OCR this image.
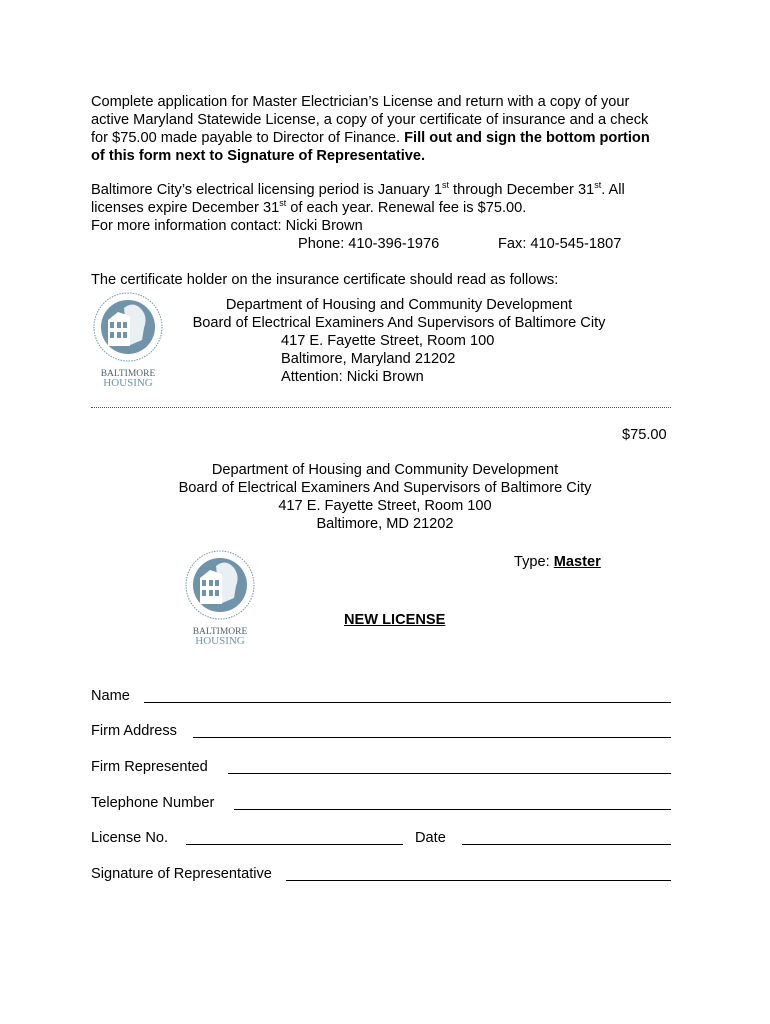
Complete application for Master Electrician’s License and return with a copy of your
active Maryland Statewide License, a copy of your certificate of insurance and a check
for $75.00 made payable to Director of Finance. Fill out and sign the bottom portion
of this form next to Signature of Representative.
Baltimore City’s electrical licensing period is January 1st through December 31st. All
licenses expire December 31st of each year. Renewal fee is $75.00.
For more information contact: Nicki Brown
Phone: 410-396-1976	Fax: 410-545-1807
The certificate holder on the insurance certificate should read as follows:
BALTIMORE
HOUSING
Department of Housing and Community Development
Board of Electrical Examiners And Supervisors of Baltimore City
417 E. Fayette Street, Room 100
Baltimore, Maryland 21202
Attention: Nicki Brown
$75.00
Department of Housing and Community Development
Board of Electrical Examiners And Supervisors of Baltimore City
417 E. Fayette Street, Room 100
Baltimore, MD 21202
Type: Master
BALTIMORE
HOUSING
NEW LICENSE
Name
Firm Address
Firm Represented
Telephone Number
License No.	Date
Signature of Representative
